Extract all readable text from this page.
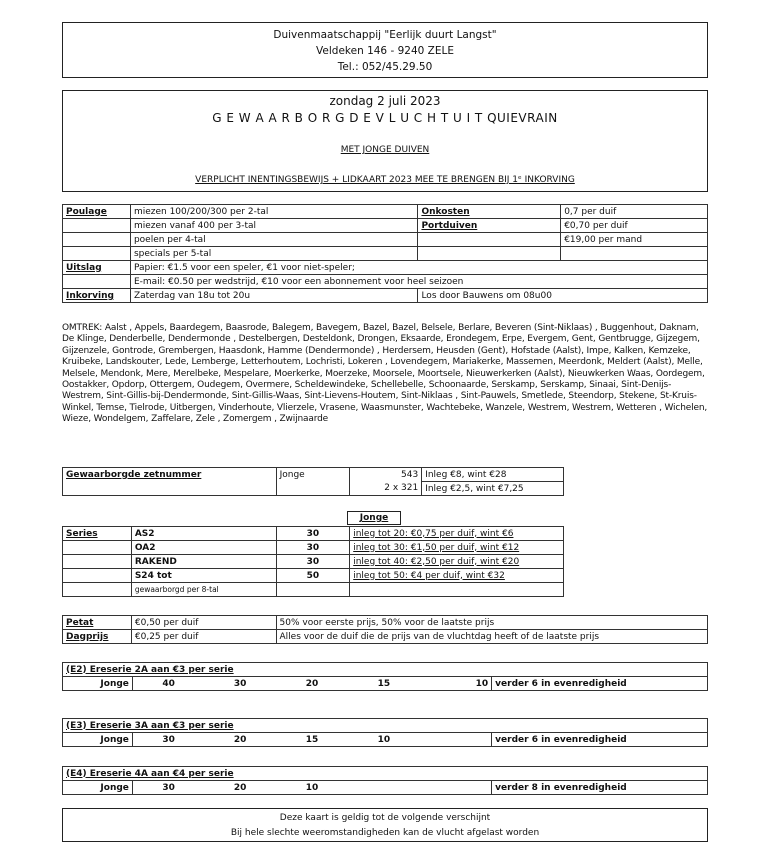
Duivenmaatschappij "Eerlijk duurt Langst"
Veldeken 146 - 9240 ZELE
Tel.: 052/45.29.50
zondag 2 juli 2023
G E W A A R B O R G D E V L U C H T U I T QUIEVRAIN
MET JONGE DUIVEN
VERPLICHT INENTINGSBEWIJS + LIDKAART 2023 MEE TE BRENGEN BIJ 1ᵉ INKORVING
Poulage	miezen 100/200/300 per 2-tal	Onkosten	0,7 per duif
	miezen vanaf 400 per 3-tal	Portduiven	€0,70 per duif
	poelen per 4-tal		€19,00 per mand
	specials per 5-tal		
Uitslag	Papier: €1.5 voor een speler, €1 voor niet-speler;		
	E-mail: €0.50 per wedstrijd, €10 voor een abonnement voor heel seizoen		
Inkorving	Zaterdag van 18u tot 20u	Los door Bauwens om 08u00	
OMTREK: Aalst , Appels, Baardegem, Baasrode, Balegem, Bavegem, Bazel, Bazel, Belsele, Berlare, Beveren (Sint-Niklaas) , Buggenhout, Daknam, De Klinge, Denderbelle, Dendermonde , Destelbergen, Desteldonk, Drongen, Eksaarde, Erondegem, Erpe, Evergem, Gent, Gentbrugge, Gijzegem, Gijzenzele, Gontrode, Grembergen, Haasdonk, Hamme (Dendermonde) , Herdersem, Heusden (Gent), Hofstade (Aalst), Impe, Kalken, Kemzeke, Kruibeke, Landskouter, Lede, Lemberge, Letterhoutem, Lochristi, Lokeren , Lovendegem, Mariakerke, Massemen, Meerdonk, Meldert (Aalst), Melle, Melsele, Mendonk, Mere, Merelbeke, Mespelare, Moerkerke, Moerzeke, Moorsele, Moortsele, Nieuwerkerken (Aalst), Nieuwkerken Waas, Oordegem, Oostakker, Opdorp, Ottergem, Oudegem, Overmere, Scheldewindeke, Schellebelle, Schoonaarde, Serskamp, Serskamp, Sinaai, Sint-Denijs-Westrem, Sint-Gillis-bij-Dendermonde, Sint-Gillis-Waas, Sint-Lievens-Houtem, Sint-Niklaas , Sint-Pauwels, Smetlede, Steendorp, Stekene, St-Kruis-Winkel, Temse, Tielrode, Uitbergen, Vinderhoute, Vlierzele, Vrasene, Waasmunster, Wachtebeke, Wanzele, Westrem, Westrem, Wetteren , Wichelen, Wieze, Wondelgem, Zaffelare, Zele , Zomergem , Zwijnaarde
Gewaarborgde zetnummer	Jonge	543	Inleg €8, wint €28
		2 x 321	Inleg €2,5, wint €7,25
Jonge
Series	AS2	30	inleg tot 20: €0,75 per duif, wint €6
	OA2	30	inleg tot 30: €1,50 per duif, wint €12
	RAKEND	30	inleg tot 40: €2,50 per duif, wint €20
	S24 tot	50	inleg tot 50: €4 per duif, wint €32
	gewaarborgd per 8-tal		
Petat	€0,50 per duif	50% voor eerste prijs, 50% voor de laatste prijs
Dagprijs	€0,25 per duif	Alles voor de duif die de prijs van de vluchtdag heeft of de laatste prijs
(E2) Ereserie 2A aan €3 per serie
Jonge	40	30	20	15	10	verder 6 in evenredigheid
(E3) Ereserie 3A aan €3 per serie
Jonge	30	20	15	10		verder 6 in evenredigheid
(E4) Ereserie 4A aan €4 per serie
Jonge	30	20	10			verder 8 in evenredigheid
Deze kaart is geldig tot de volgende verschijnt
Bij hele slechte weeromstandigheden kan de vlucht afgelast worden
